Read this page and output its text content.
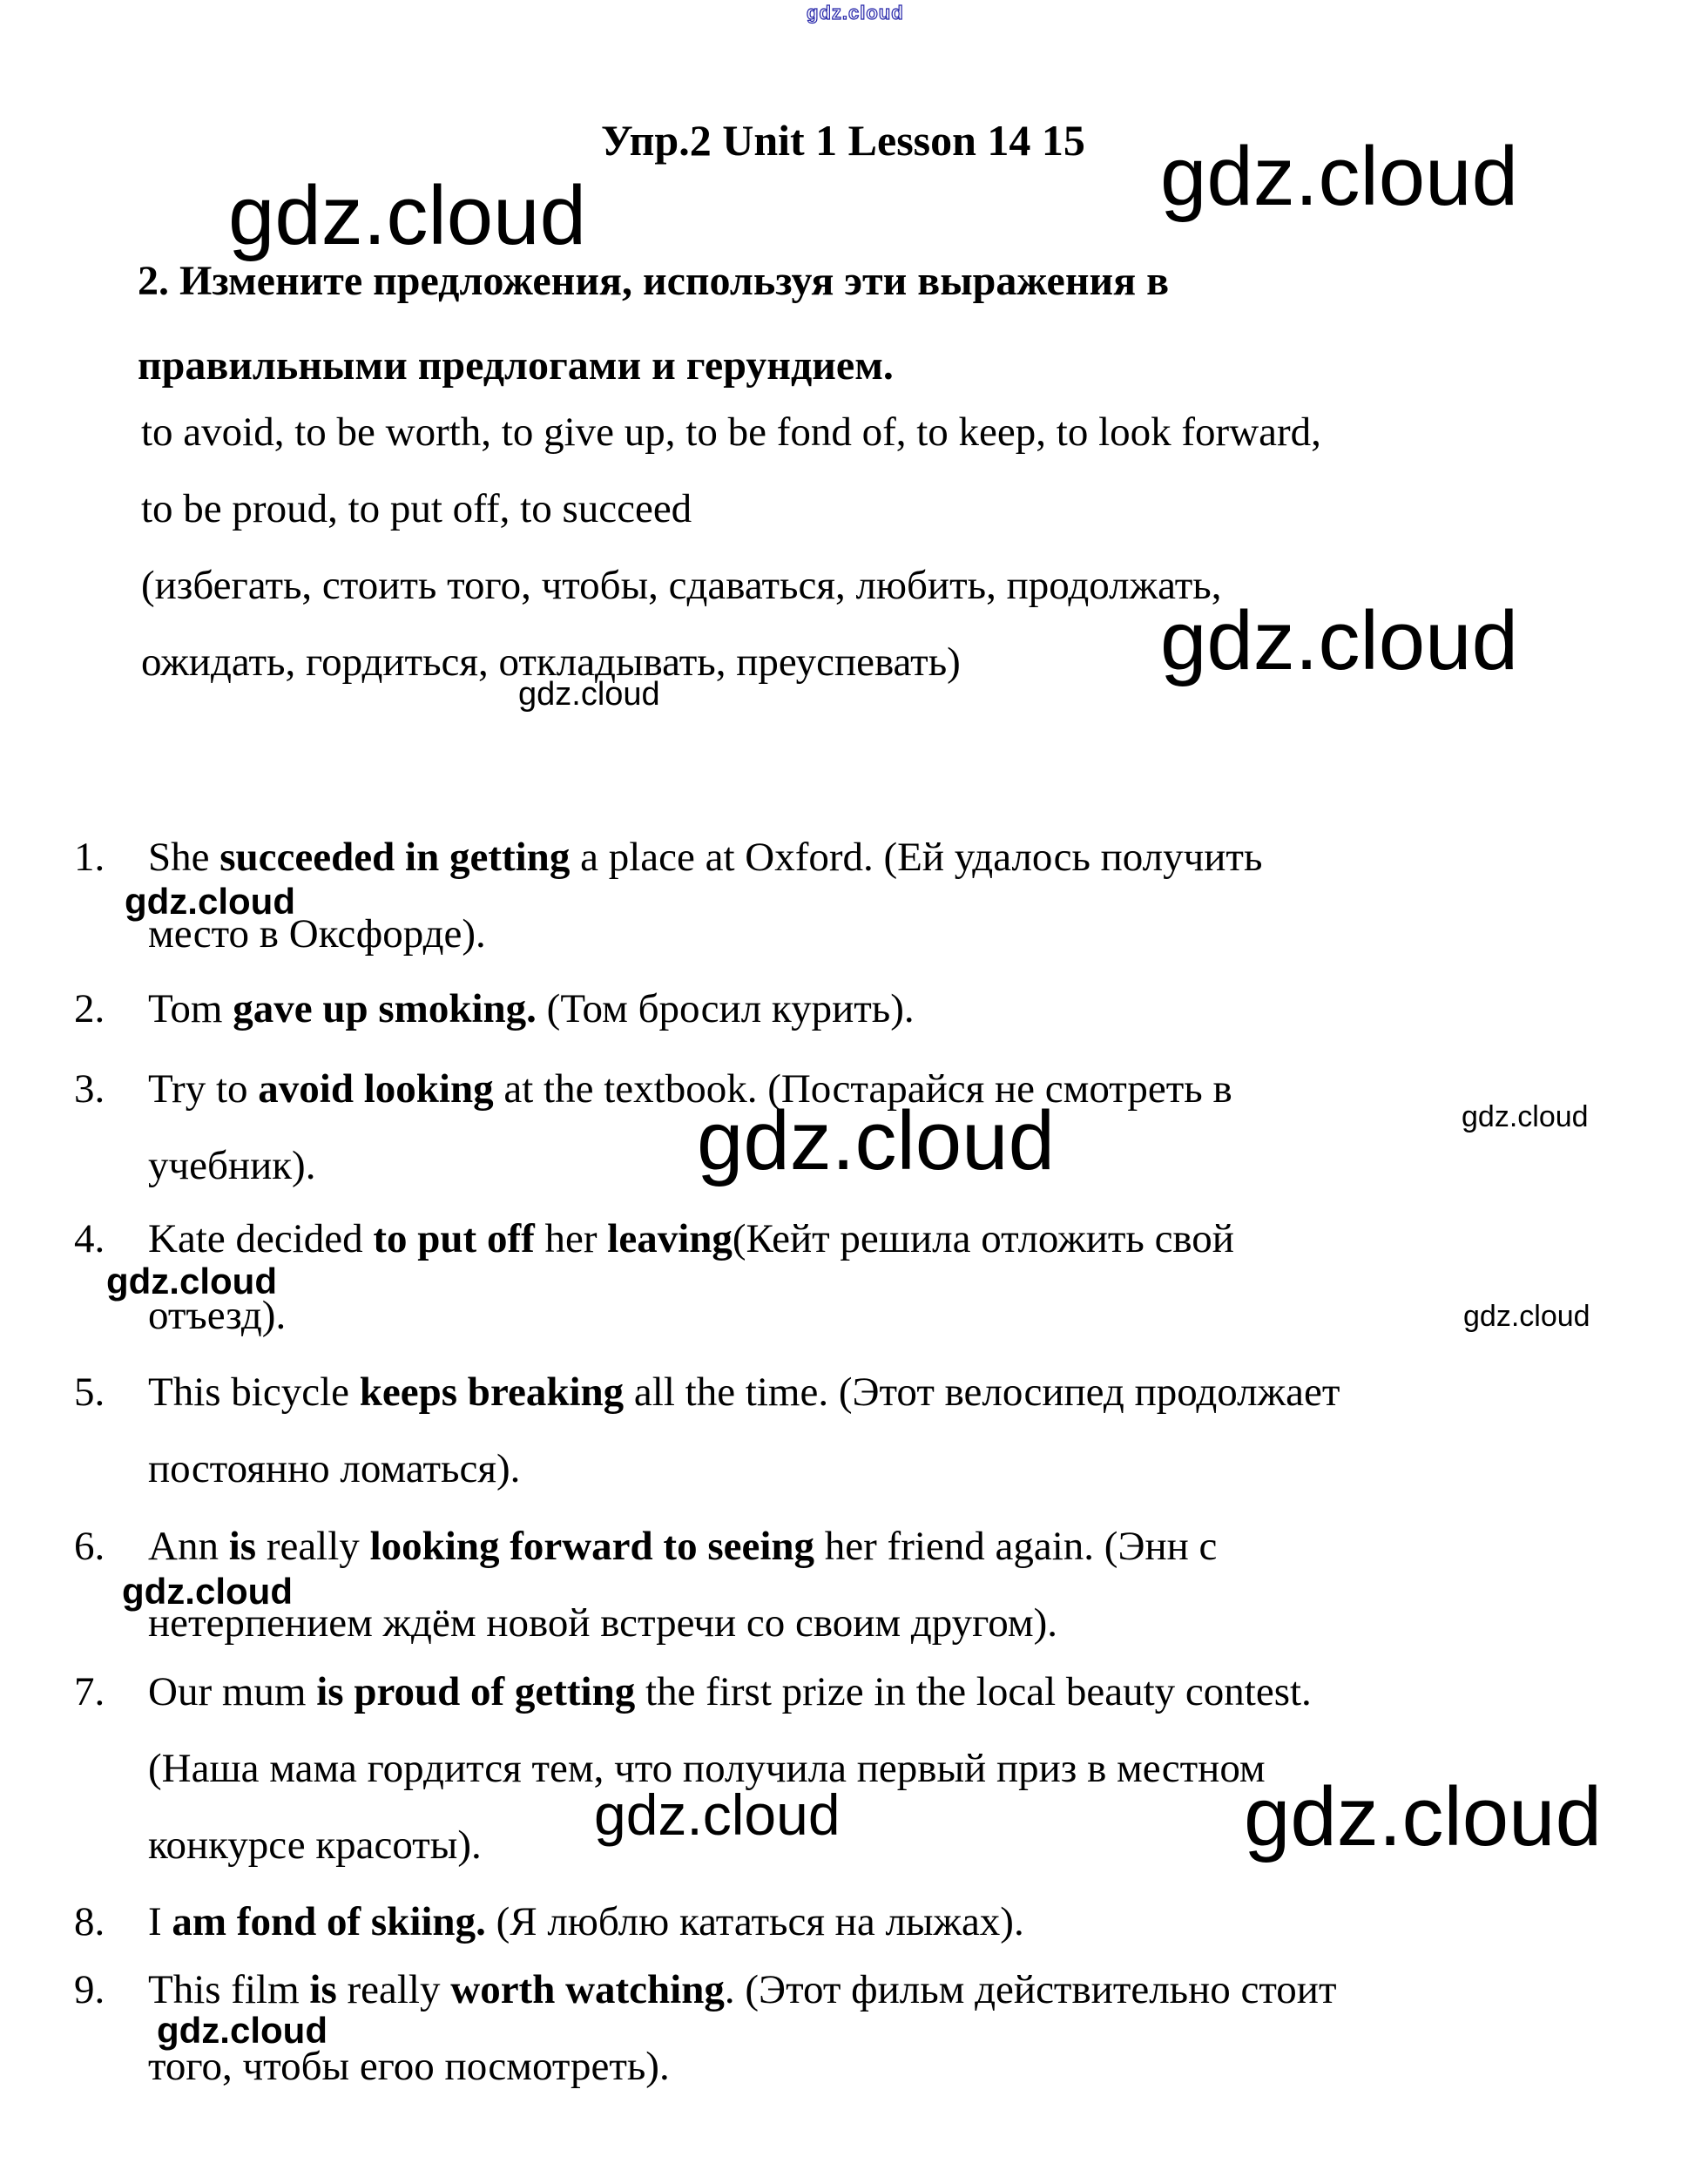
gdz.cloud
gdz.cloud
gdz.cloud
gdz.cloud
gdz.cloud
gdz.cloud
gdz.cloud
gdz.cloud
gdz.cloud
gdz.cloud
gdz.cloud
gdz.cloud	gdz.cloud
gdz.cloud
Упр.2 Unit 1 Lesson 14 15
2. Измените предложения, используя эти выражения в
правильными предлогами и герундием.
to avoid, to be worth, to give up, to be fond of, to keep, to look forward,
to be proud, to put off, to succeed
(избегать, стоить того, чтобы, сдаваться, любить, продолжать,
ожидать, гордиться, откладывать, преуспевать)
1. She succeeded in getting a place at Oxford. (Ей удалось получить
место в Оксфорде).
2. Tom gave up smoking. (Том бросил курить).
3. Try to avoid looking at the textbook. (Постарайся не смотреть в
учебник).
4. Kate decided to put off her leaving(Кейт решила отложить свой
отъезд).
5. This bicycle keeps breaking all the time. (Этот велосипед продолжает
постоянно ломаться).
6. Ann is really looking forward to seeing her friend again. (Энн с
нетерпением ждём новой встречи со своим другом).
7. Our mum is proud of getting the first prize in the local beauty contest.
(Наша мама гордится тем, что получила первый приз в местном
конкурсе красоты).
8. I am fond of skiing. (Я люблю кататься на лыжах).
9. This film is really worth watching. (Этот фильм действительно стоит
того, чтобы егоо посмотреть).
